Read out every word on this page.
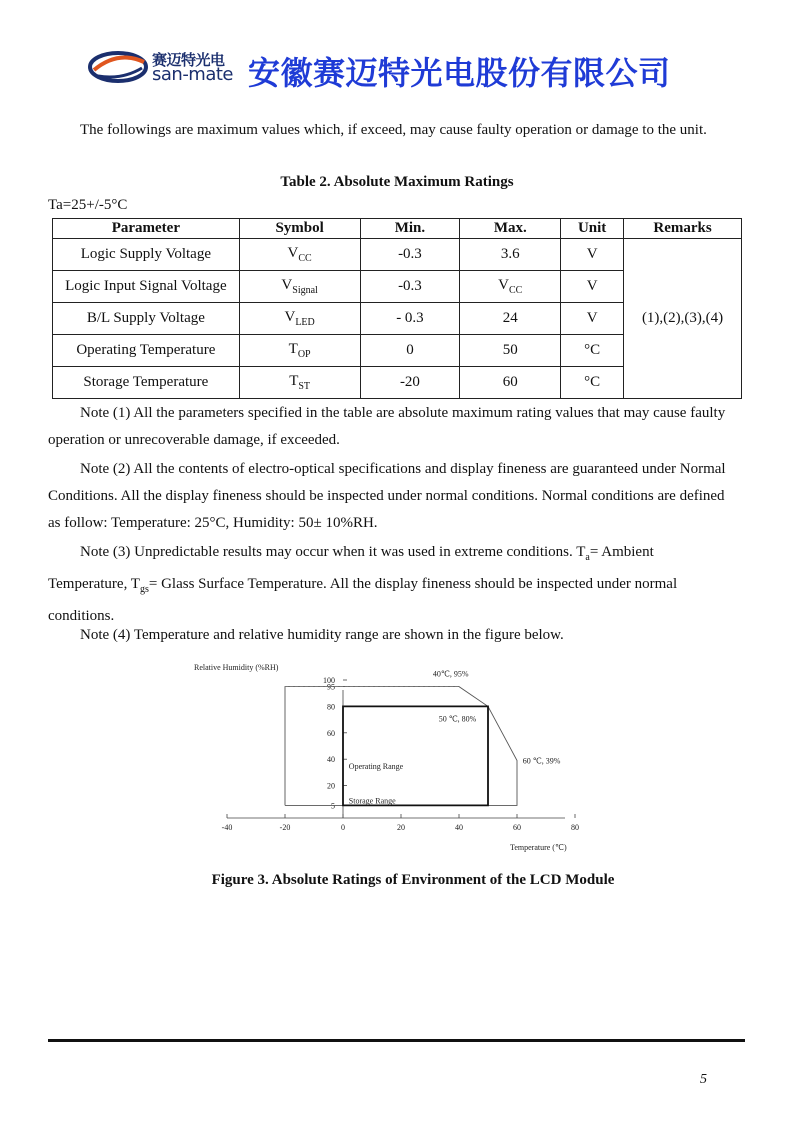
赛迈特光电
san-mate 安徽赛迈特光电股份有限公司

The followings are maximum values which, if exceed, may cause faulty operation or damage to the unit.

Table 2. Absolute Maximum Ratings
Ta=25+/-5°C
Parameter	Symbol	Min.	Max.	Unit	Remarks
Logic Supply Voltage	$V_{CC}$	-0.3	3.6	V	(1),(2),(3),(4)
Logic Input Signal Voltage	$V_{Signal}$	-0.3	$V_{CC}$	V	
B/L Supply Voltage	$V_{LED}$	- 0.3	24	V	
Operating Temperature	$T_{OP}$	0	50	°C	
Storage Temperature	$T_{ST}$	-20	60	°C	

Note (1) All the parameters specified in the table are absolute maximum rating values that may cause faulty operation or unrecoverable damage, if exceeded.

Note (2) All the contents of electro-optical specifications and display fineness are guaranteed under Normal Conditions. All the display fineness should be inspected under normal conditions. Normal conditions are defined as follow: Temperature: 25°C, Humidity: 50± 10%RH.

Note (3) Unpredictable results may occur when it was used in extreme conditions. $T_a=$ Ambient Temperature, $T_{gs}=$ Glass Surface Temperature. All the display fineness should be inspected under normal conditions.

Note (4) Temperature and relative humidity range are shown in the figure below.

Relative Humidity (%RH)
Temperature (℃)
-40	-20	0	20	40	60	80
100
95
80
60
40
20
5
Operating Range
Storage Range
40℃, 95%
50 ℃, 80%
60 ℃, 39%
Figure 3. Absolute Ratings of Environment of the LCD Module
5
